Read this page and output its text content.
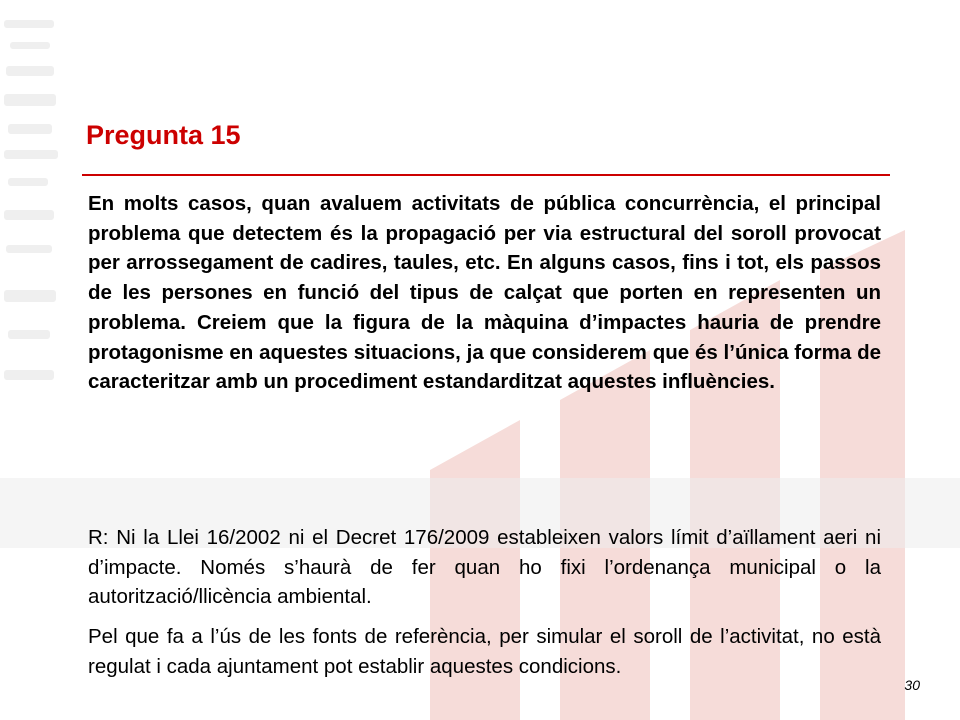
Pregunta 15

En molts casos, quan avaluem activitats de pública concurrència, el principal problema que detectem és la propagació per via estructural del soroll provocat per arrossegament de cadires, taules, etc. En alguns casos, fins i tot, els passos de les persones en funció del tipus de calçat que porten en representen un problema. Creiem que la figura de la màquina d’impactes hauria de prendre protagonisme en aquestes situacions, ja que considerem que és l’única forma de caracteritzar amb un procediment estandarditzat aquestes influències.

R: Ni la Llei 16/2002 ni el Decret 176/2009 estableixen valors límit d’aïllament aeri ni d’impacte. Només s’haurà de fer quan ho fixi l’ordenança municipal o la autorització/llicència ambiental.

Pel que fa a l’ús de les fonts de referència, per simular el soroll de l’activitat, no està regulat i cada ajuntament pot establir aquestes condicions.

30
